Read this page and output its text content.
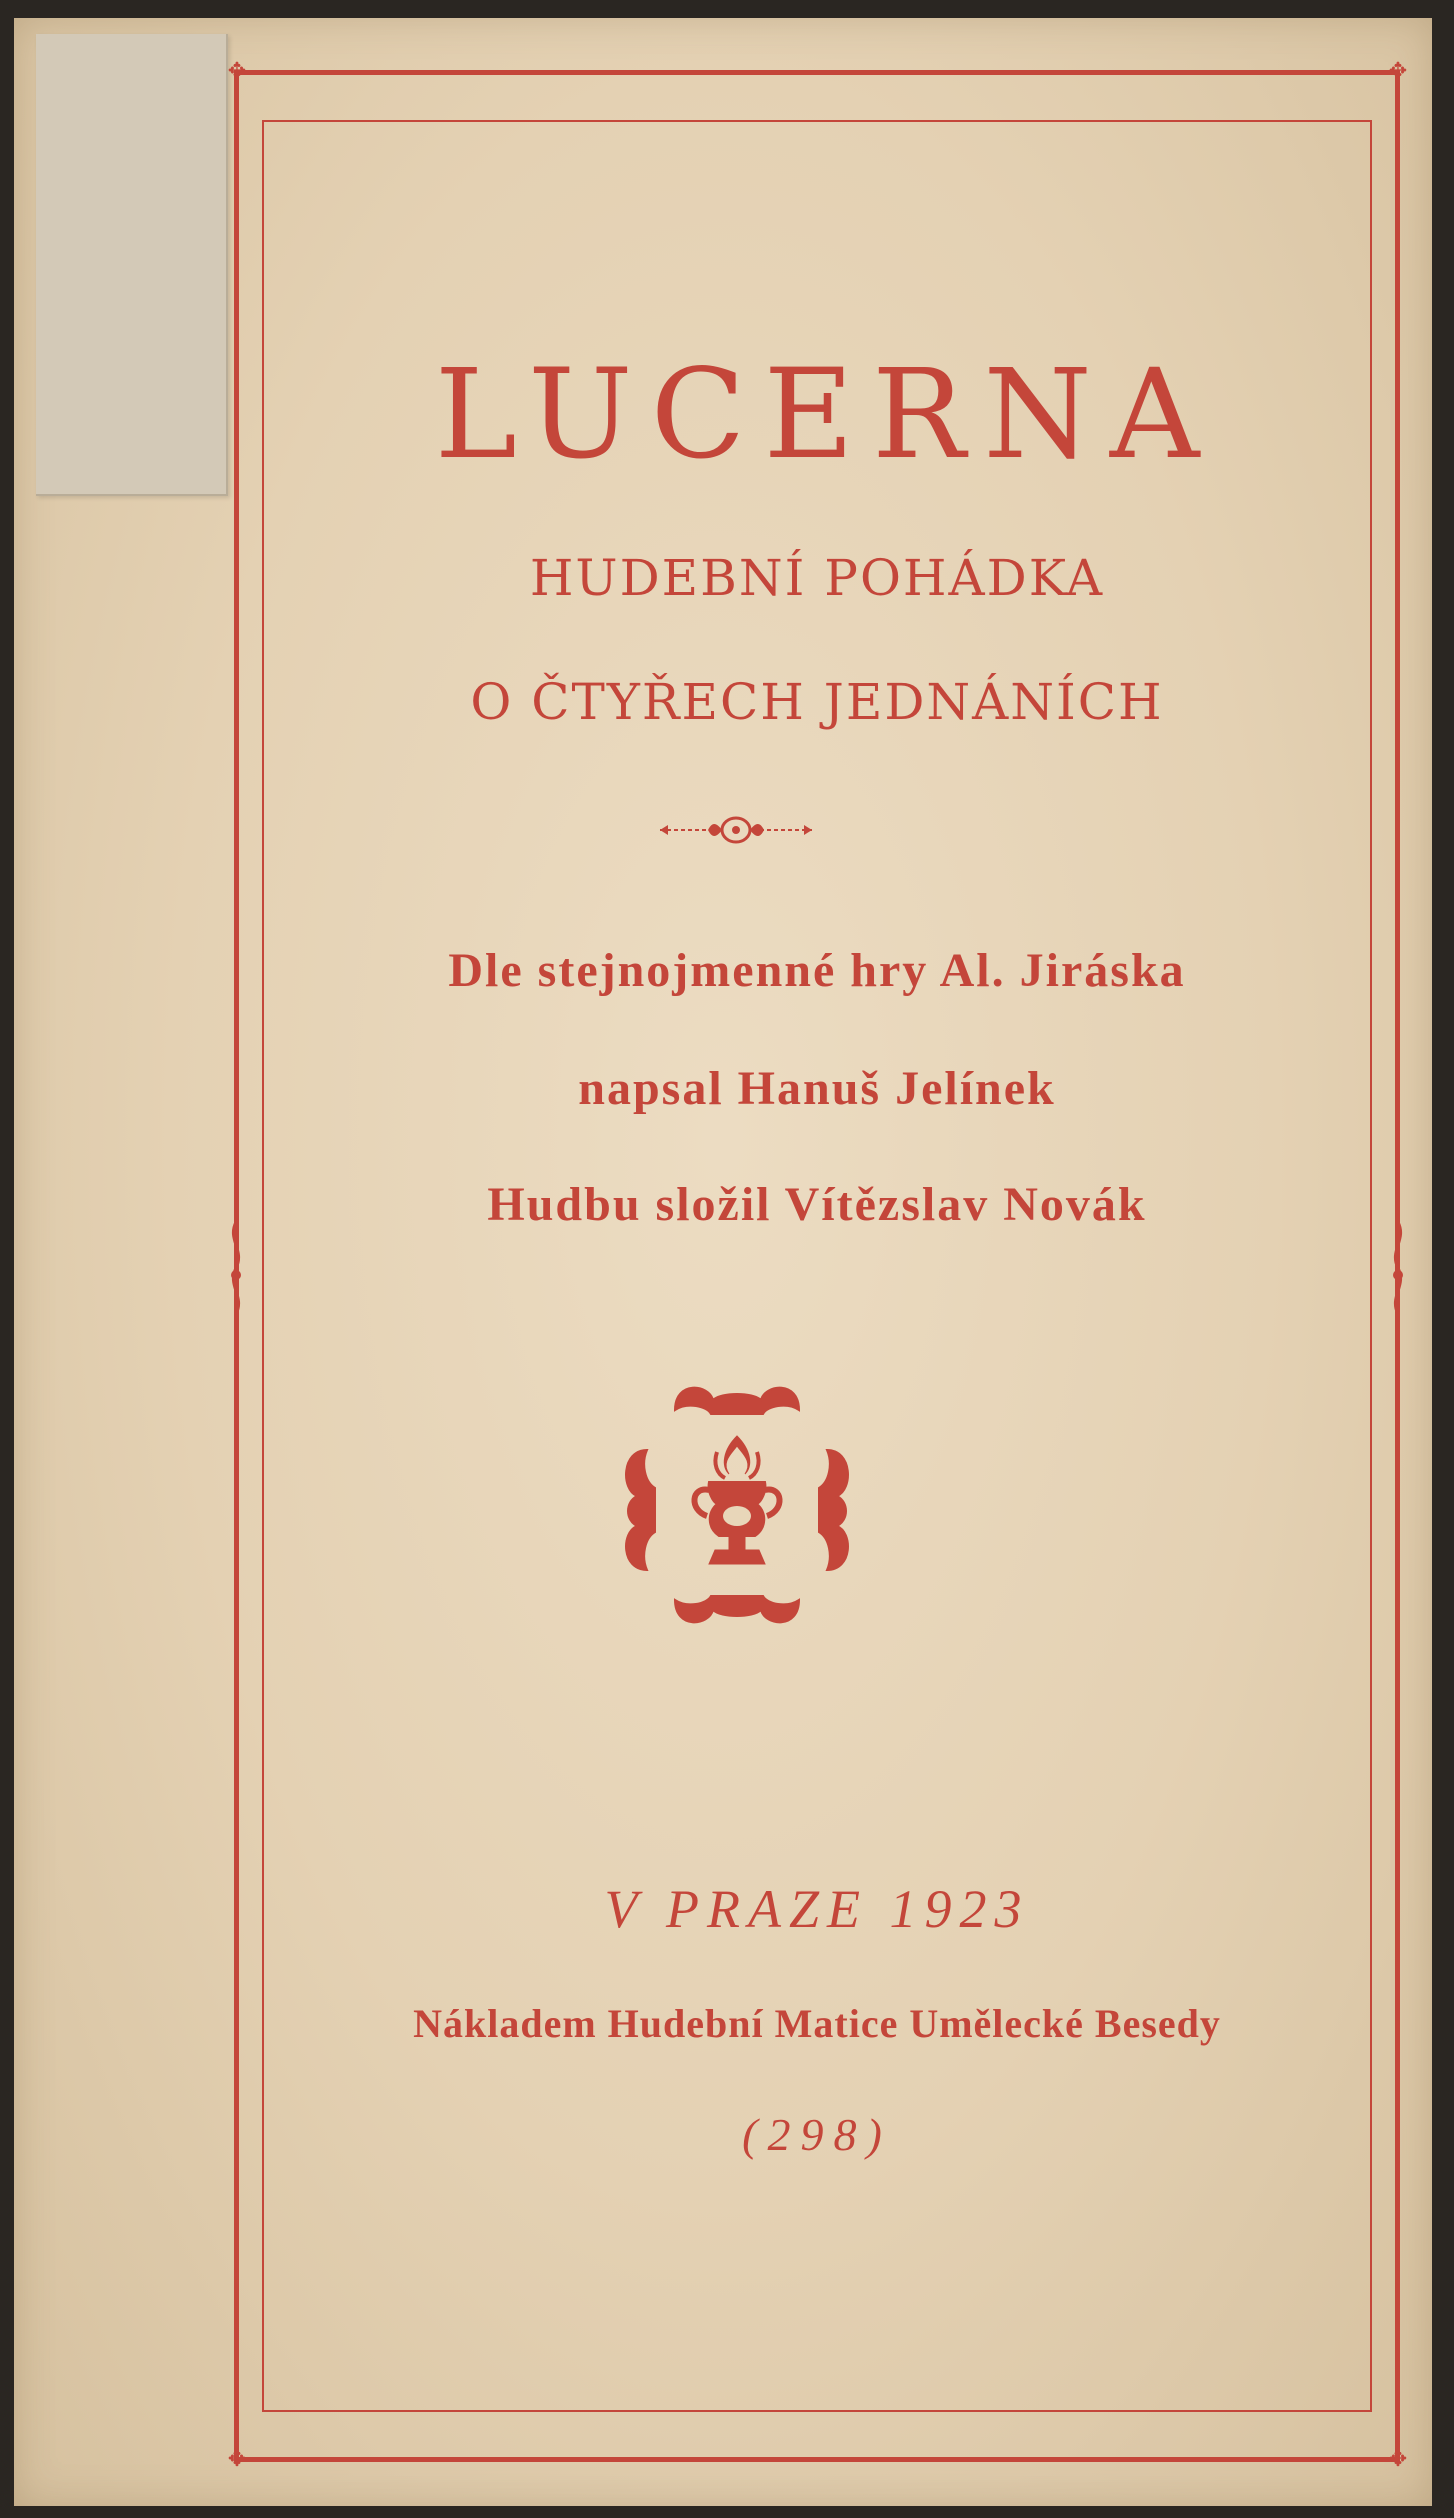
✥	✥
✥	✥
LUCERNA
HUDEBNÍ POHÁDKA
O ČTYŘECH JEDNÁNÍCH
Dle stejnojmenné hry Al. Jiráska
napsal Hanuš Jelínek
Hudbu složil Vítězslav Novák
V PRAZE 1923
Nákladem Hudební Matice Umělecké Besedy
(298)
